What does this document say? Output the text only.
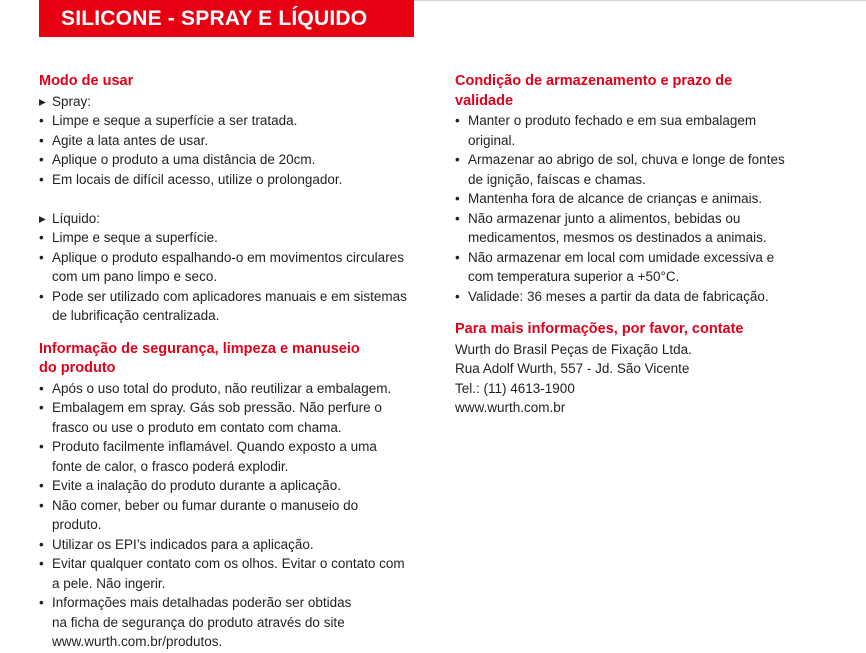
SILICONE - SPRAY E LÍQUIDO
Modo de usar
▸ Spray:
• Limpe e seque a superfície a ser tratada.
• Agite a lata antes de usar.
• Aplique o produto a uma distância de 20cm.
• Em locais de difícil acesso, utilize o prolongador.
▸ Líquido:
• Limpe e seque a superfície.
• Aplique o produto espalhando-o em movimentos circulares
com um pano limpo e seco.
• Pode ser utilizado com aplicadores manuais e em sistemas
de lubrificação centralizada.
Informação de segurança, limpeza e manuseio
do produto
• Após o uso total do produto, não reutilizar a embalagem.
• Embalagem em spray. Gás sob pressão. Não perfure o
frasco ou use o produto em contato com chama.
• Produto facilmente inflamável. Quando exposto a uma
fonte de calor, o frasco poderá explodir.
• Evite a inalação do produto durante a aplicação.
• Não comer, beber ou fumar durante o manuseio do
produto.
• Utilizar os EPI’s indicados para a aplicação.
• Evitar qualquer contato com os olhos. Evitar o contato com
a pele. Não ingerir.
• Informações mais detalhadas poderão ser obtidas
na ficha de segurança do produto através do site
www.wurth.com.br/produtos.
Condição de armazenamento e prazo de
validade
• Manter o produto fechado e em sua embalagem
original.
• Armazenar ao abrigo de sol, chuva e longe de fontes
de ignição, faíscas e chamas.
• Mantenha fora de alcance de crianças e animais.
• Não armazenar junto a alimentos, bebidas ou
medicamentos, mesmos os destinados a animais.
• Não armazenar em local com umidade excessiva e
com temperatura superior a +50°C.
• Validade: 36 meses a partir da data de fabricação.
Para mais informações, por favor, contate
Wurth do Brasil Peças de Fixação Ltda.
Rua Adolf Wurth, 557 - Jd. São Vicente
Tel.: (11) 4613-1900
www.wurth.com.br
